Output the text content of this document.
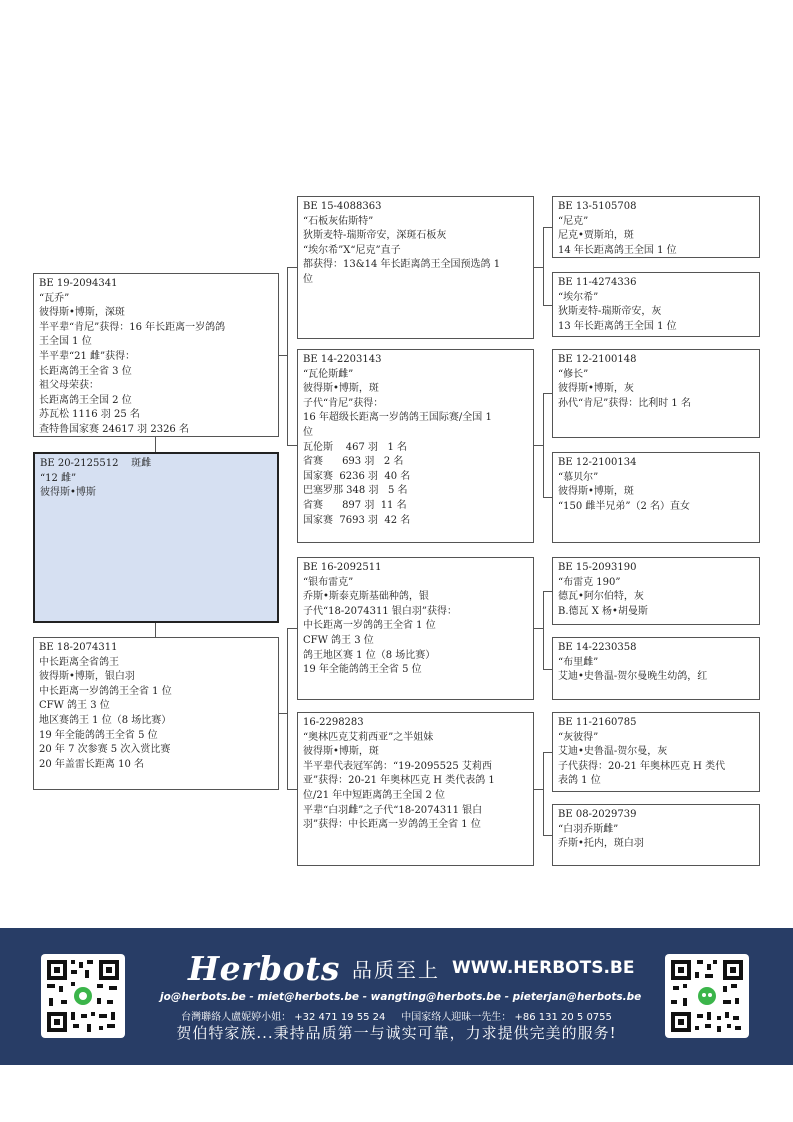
BE 19-2094341
“瓦乔”
彼得斯•博斯，深斑
半平辈“肯尼”获得：16 年长距离一岁鸽鸽
王全国 1 位
半平辈“21 雌”获得：
长距离鸽王全省 3 位
祖父母荣获：
长距离鸽王全国 2 位
苏瓦松 1116 羽 25 名
查特鲁国家赛 24617 羽 2326 名
BE 20-2125512    斑雌
“12 雌”
彼得斯•博斯
BE 18-2074311
中长距离全省鸽王
彼得斯•博斯，银白羽
中长距离一岁鸽鸽王全省 1 位
CFW 鸽王 3 位
地区赛鸽王 1 位（8 场比赛）
19 年全能鸽鸽王全省 5 位
20 年 7 次参赛 5 次入赏比赛
20 年盖雷长距离 10 名
BE 15-4088363
“石板灰佑斯特”
狄斯麦特-瑞斯帝安，深斑石板灰
“埃尔希”X“尼克”直子
都获得：13&14 年长距离鸽王全国预选鸽 1
位
BE 14-2203143
“瓦伦斯雌”
彼得斯•博斯，斑
子代“肯尼”获得：
16 年超级长距离一岁鸽鸽王国际赛/全国 1
位
瓦伦斯    467 羽   1 名
省赛      693 羽   2 名
国家赛  6236 羽  40 名
巴塞罗那 348 羽   5 名
省赛      897 羽  11 名
国家赛  7693 羽  42 名
BE 16-2092511
“银布雷克”
乔斯•斯泰克斯基础种鸽，银
子代“18-2074311 银白羽”获得：
中长距离一岁鸽鸽王全省 1 位
CFW 鸽王 3 位
鸽王地区赛 1 位（8 场比赛）
19 年全能鸽鸽王全省 5 位
16-2298283
“奥林匹克艾莉西亚”之半姐妹
彼得斯•博斯，斑
半平辈代表冠军鸽：“19-2095525 艾莉西
亚”获得：20-21 年奥林匹克 H 类代表鸽 1
位/21 年中短距离鸽王全国 2 位
平辈“白羽雌”之子代“18-2074311 银白
羽”获得：中长距离一岁鸽鸽王全省 1 位
BE 13-5105708
“尼克”
尼克•贾斯珀，斑
14 年长距离鸽王全国 1 位
BE 11-4274336
“埃尔希”
狄斯麦特-瑞斯帝安，灰
13 年长距离鸽王全国 1 位
BE 12-2100148
“修长”
彼得斯•博斯，灰
孙代“肯尼”获得：比利时 1 名
BE 12-2100134
“慕贝尔”
彼得斯•博斯，斑
“150 雌半兄弟”（2 名）直女
BE 15-2093190
“布雷克 190”
德瓦•阿尔伯特，灰
B.德瓦 X 杨•胡曼斯
BE 14-2230358
“布里雌”
艾迪•史鲁温-贺尔曼晚生幼鸽，红
BE 11-2160785
“灰彼得”
艾迪•史鲁温-贺尔曼，灰
子代获得：20-21 年奥林匹克 H 类代
表鸽 1 位
BE 08-2029739
“白羽乔斯雌”
乔斯•托内，斑白羽
Herbots 品质至上 WWW.HERBOTS.BE
jo@herbots.be - miet@herbots.be - wangting@herbots.be - pieterjan@herbots.be
台灣聯絡人盧妮婷小姐： +32 471 19 55 24 中国家络人迎昧一先生： +86 131 20 5 0755
贺伯特家族...秉持品质第一与诚实可靠，力求提供完美的服务!
